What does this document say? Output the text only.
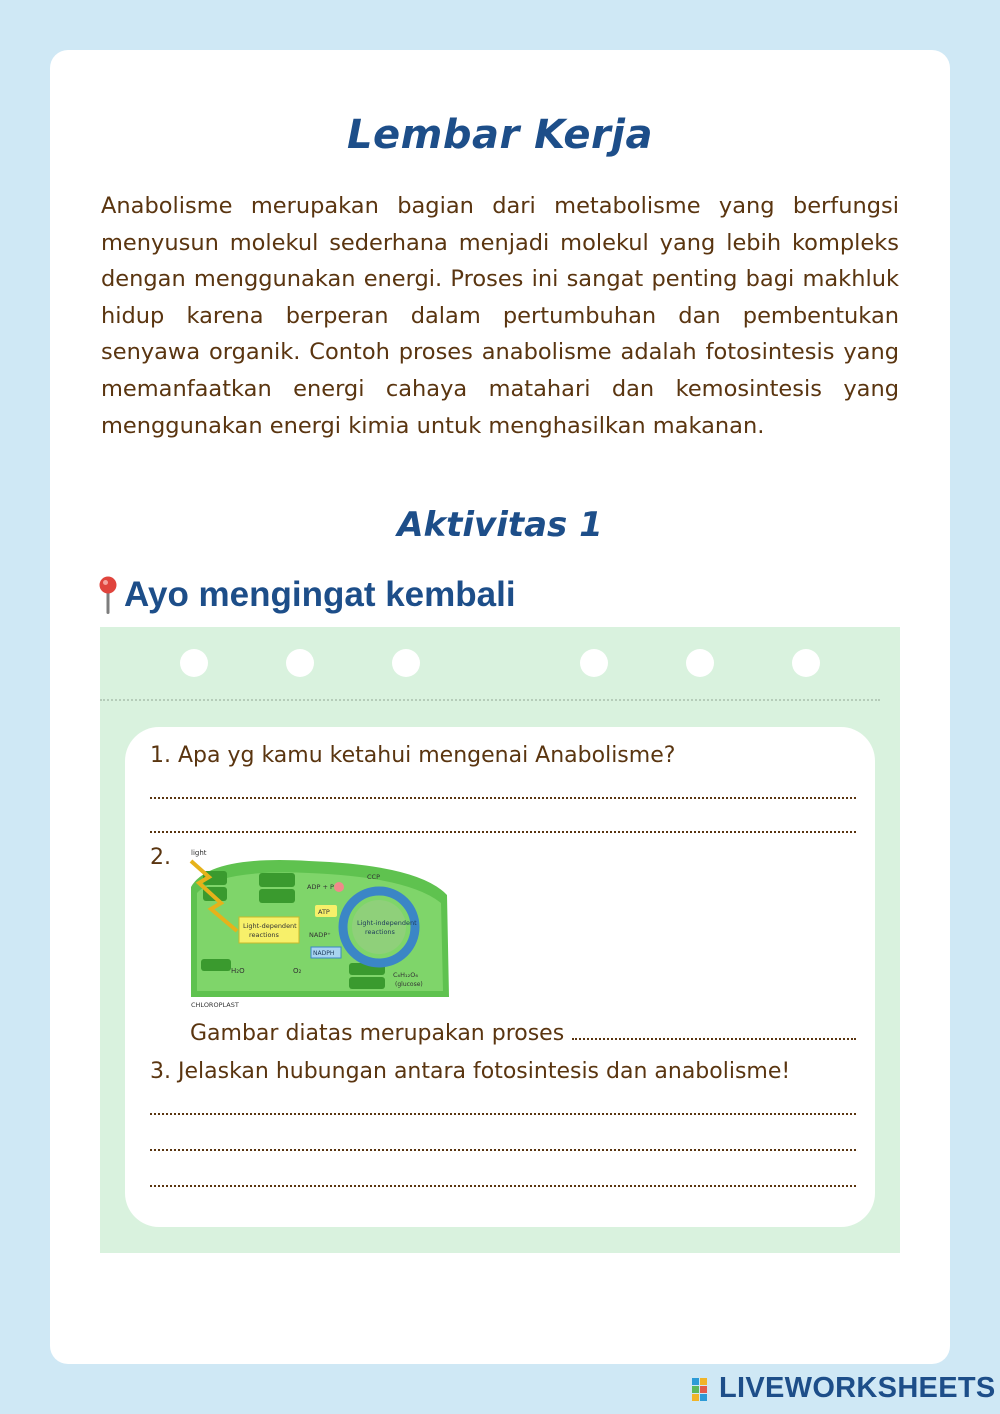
Lembar Kerja

Anabolisme merupakan bagian dari metabolisme yang berfungsi menyusun molekul sederhana menjadi molekul yang lebih kompleks dengan menggunakan energi. Proses ini sangat penting bagi makhluk hidup karena berperan dalam pertumbuhan dan pembentukan senyawa organik. Contoh proses anabolisme adalah fotosintesis yang memanfaatkan energi cahaya matahari dan kemosintesis yang menggunakan energi kimia untuk menghasilkan makanan.

Aktivitas 1
Ayo mengingat kembali
1. Apa yg kamu ketahui mengenai Anabolisme?
2.	light
Light-dependent
reactions
Light-independent
reactions
ATP
ADP + P
CCP
NADP⁺
NADPH
H₂O	O₂	C₆H₁₂O₆
(glucose)
CHLOROPLAST
Gambar diatas merupakan proses
3. Jelaskan hubungan antara fotosintesis dan anabolisme!
LIVEWORKSHEETS
